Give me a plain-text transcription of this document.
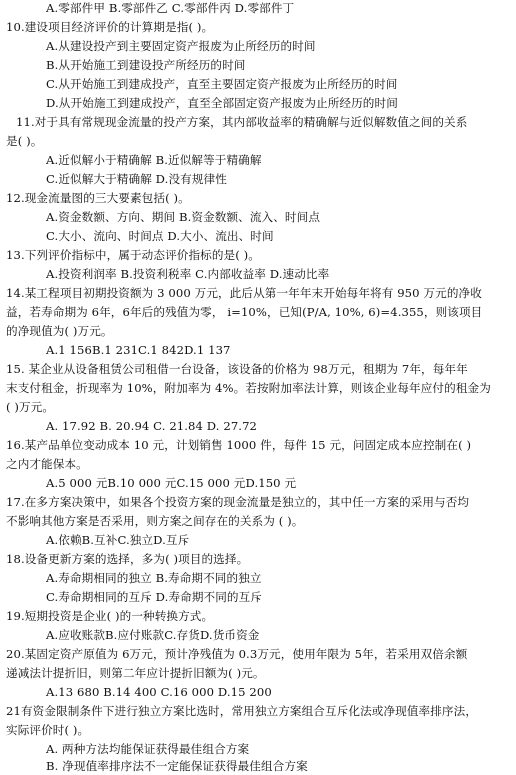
A.零部件甲 B.零部件乙 C.零部件丙 D.零部件丁
10.建设项目经济评价的计算期是指( )。
A.从建设投产到主要固定资产报废为止所经历的时间
B.从开始施工到建设投产所经历的时间
C.从开始施工到建成投产，直至主要固定资产报废为止所经历的时间
D.从开始施工到建成投产，直至全部固定资产报废为止所经历的时间
11.对于具有常规现金流量的投产方案，其内部收益率的精确解与近似解数值之间的关系
是( )。
A.近似解小于精确解 B.近似解等于精确解
C.近似解大于精确解 D.没有规律性
12.现金流量图的三大要素包括( )。
A.资金数额、方向、期间 B.资金数额、流入、时间点
C.大小、流向、时间点 D.大小、流出、时间
13.下列评价指标中，属于动态评价指标的是( )。
A.投资利润率 B.投资利税率 C.内部收益率 D.速动比率
14.某工程项目初期投资额为 3 000 万元，此后从第一年年末开始每年将有 950 万元的净收
益，若寿命期为 6年，6年后的残值为零， i=10%，已知(P/A, 10%, 6)=4.355，则该项目
的净现值为( )万元。
A.1 156B.1 231C.1 842D.1 137
15. 某企业从设备租赁公司租借一台设备，该设备的价格为 98万元，租期为 7年，每年年
末支付租金，折现率为 10%，附加率为 4%。若按附加率法计算，则该企业每年应付的租金为
( )万元。
A. 17.92 B. 20.94 C. 21.84 D. 27.72
16.某产品单位变动成本 10 元，计划销售 1000 件，每件 15 元，问固定成本应控制在( )
之内才能保本。
A.5 000 元B.10 000 元C.15 000 元D.150 元
17.在多方案决策中，如果各个投资方案的现金流量是独立的，其中任一方案的采用与否均
不影响其他方案是否采用，则方案之间存在的关系为 ( )。
A.依赖B.互补C.独立D.互斥
18.设备更新方案的选择，多为( )项目的选择。
A.寿命期相同的独立 B.寿命期不同的独立
C.寿命期相同的互斥 D.寿命期不同的互斥
19.短期投资是企业( )的一种转换方式。
A.应收账款B.应付账款C.存货D.货币资金
20.某固定资产原值为 6万元，预计净残值为 0.3万元，使用年限为 5年，若采用双倍余额
递减法计提折旧，则第二年应计提折旧额为( )元。
A.13 680 B.14 400 C.16 000 D.15 200
21有资金限制条件下进行独立方案比选时，常用独立方案组合互斥化法或净现值率排序法，
实际评价时( )。
A. 两种方法均能保证获得最佳组合方案
B. 净现值率排序法不一定能保证获得最佳组合方案
